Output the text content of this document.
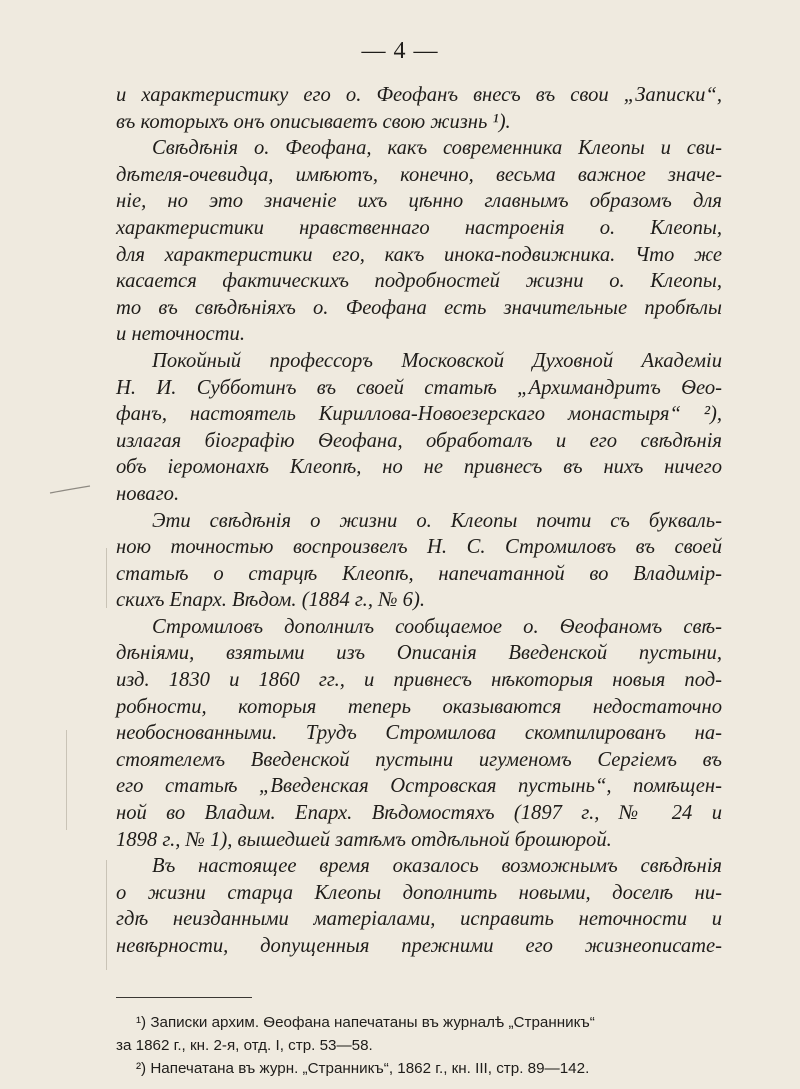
— 4 —
и характеристику его о. Феофанъ внесъ въ свои „Записки“,
въ которыхъ онъ описываетъ свою жизнь ¹).
Свѣдѣнія о. Феофана, какъ современника Клеопы и сви-
дѣтеля-очевидца, имѣютъ, конечно, весьма важное значе-
ніе, но это значеніе ихъ цѣнно главнымъ образомъ для
характеристики нравственнаго настроенія о. Клеопы,
для характеристики его, какъ инока-подвижника. Что же
касается фактическихъ подробностей жизни о. Клеопы,
то въ свѣдѣніяхъ о. Феофана есть значительные пробѣлы
и неточности.
Покойный профессоръ Московской Духовной Академіи
Н. И. Субботинъ въ своей статьѣ „Архимандритъ Ѳео-
фанъ, настоятель Кириллова-Новоезерскаго монастыря“ ²),
излагая біографію Ѳеофана, обработалъ и его свѣдѣнія
объ іеромонахѣ Клеопѣ, но не привнесъ въ нихъ ничего
новаго.
Эти свѣдѣнія о жизни о. Клеопы почти съ букваль-
ною точностью воспроизвелъ Н. С. Стромиловъ въ своей
статьѣ о старцѣ Клеопѣ, напечатанной во Владимір-
скихъ Епарх. Вѣдом. (1884 г., № 6).
Стромиловъ дополнилъ сообщаемое о. Ѳеофаномъ свѣ-
дѣніями, взятыми изъ Описанія Введенской пустыни,
изд. 1830 и 1860 гг., и привнесъ нѣкоторыя новыя под-
робности, которыя теперь оказываются недостаточно
необоснованными. Трудъ Стромилова скомпилированъ на-
стоятелемъ Введенской пустыни игуменомъ Сергіемъ въ
его статьѣ „Введенская Островская пустынь“, помѣщен-
ной во Владим. Епарх. Вѣдомостяхъ (1897 г., № 24 и
1898 г., № 1), вышедшей затѣмъ отдѣльной брошюрой.
Въ настоящее время оказалось возможнымъ свѣдѣнія
о жизни старца Клеопы дополнить новыми, доселѣ ни-
гдѣ неизданными матеріалами, исправить неточности и
невѣрности, допущенныя прежними его жизнеописате-
¹) Записки архим. Ѳеофана напечатаны въ журналѣ „Странникъ“
за 1862 г., кн. 2-я, отд. I, стр. 53—58.
²) Напечатана въ журн. „Странникъ“, 1862 г., кн. III, стр. 89—142.
